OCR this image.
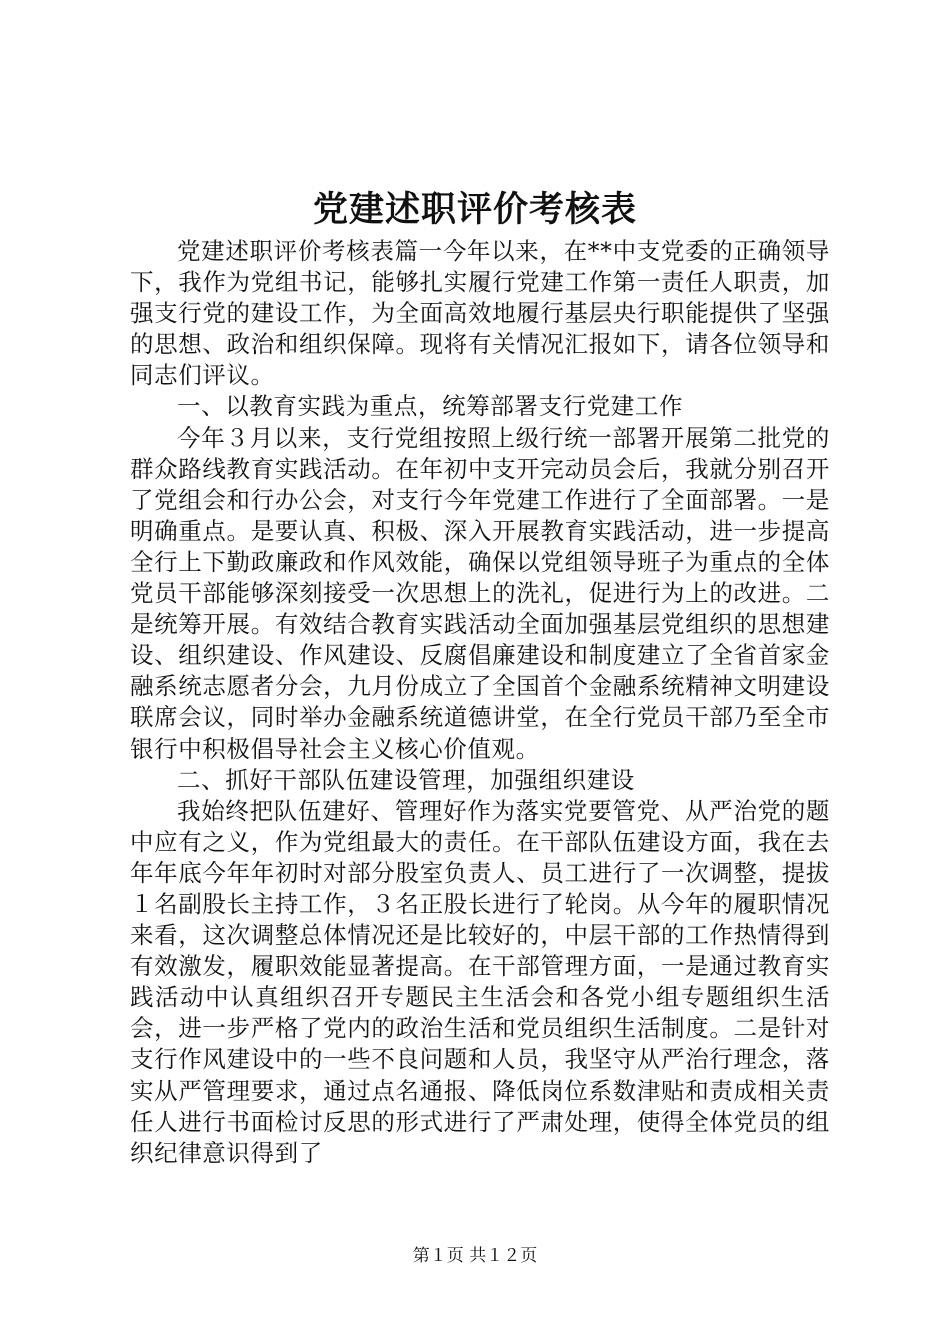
党建述职评价考核表

党建述职评价考核表篇一今年以来，在**中支党委的正确领导下，我作为党组书记，能够扎实履行党建工作第一责任人职责，加强支行党的建设工作，为全面高效地履行基层央行职能提供了坚强的思想、政治和组织保障。现将有关情况汇报如下，请各位领导和同志们评议。

一、以教育实践为重点，统筹部署支行党建工作

今年３月以来，支行党组按照上级行统一部署开展第二批党的群众路线教育实践活动。在年初中支开完动员会后，我就分别召开了党组会和行办公会，对支行今年党建工作进行了全面部署。一是明确重点。是要认真、积极、深入开展教育实践活动，进一步提高全行上下勤政廉政和作风效能，确保以党组领导班子为重点的全体党员干部能够深刻接受一次思想上的洗礼，促进行为上的改进。二是统筹开展。有效结合教育实践活动全面加强基层党组织的思想建设、组织建设、作风建设、反腐倡廉建设和制度建立了全省首家金融系统志愿者分会，九月份成立了全国首个金融系统精神文明建设联席会议，同时举办金融系统道德讲堂，在全行党员干部乃至全市银行中积极倡导社会主义核心价值观。

二、抓好干部队伍建设管理，加强组织建设

我始终把队伍建好、管理好作为落实党要管党、从严治党的题中应有之义，作为党组最大的责任。在干部队伍建设方面，我在去年年底今年年初时对部分股室负责人、员工进行了一次调整，提拔１名副股长主持工作，３名正股长进行了轮岗。从今年的履职情况来看，这次调整总体情况还是比较好的，中层干部的工作热情得到有效激发，履职效能显著提高。在干部管理方面，一是通过教育实践活动中认真组织召开专题民主生活会和各党小组专题组织生活会，进一步严格了党内的政治生活和党员组织生活制度。二是针对支行作风建设中的一些不良问题和人员，我坚守从严治行理念，落实从严管理要求，通过点名通报、降低岗位系数津贴和责成相关责任人进行书面检讨反思的形式进行了严肃处理，使得全体党员的组织纪律意识得到了

第１页 共１２页
